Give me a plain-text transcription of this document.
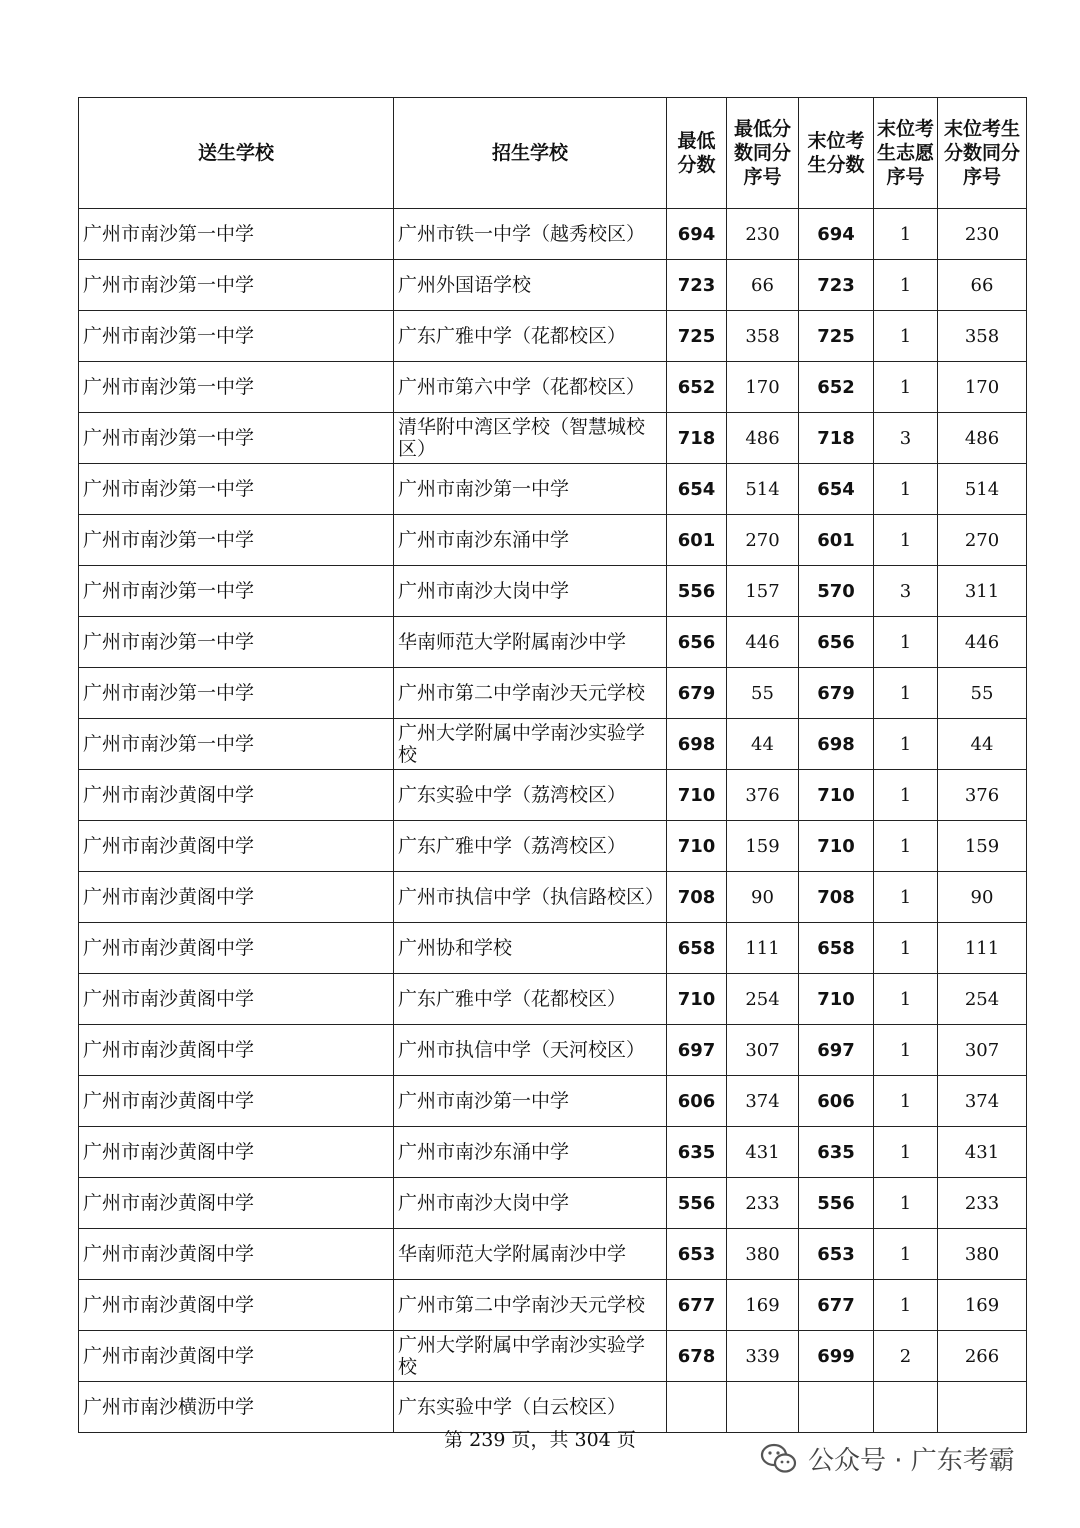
送生学校	招生学校	最低分数	最低分数同分序号	末位考生分数	末位考生志愿序号	末位考生分数同分序号
广州市南沙第一中学	广州市铁一中学（越秀校区）	694	230	694	1	230
广州市南沙第一中学	广州外国语学校	723	66	723	1	66
广州市南沙第一中学	广东广雅中学（花都校区）	725	358	725	1	358
广州市南沙第一中学	广州市第六中学（花都校区）	652	170	652	1	170
广州市南沙第一中学	清华附中湾区学校（智慧城校区）	718	486	718	3	486
广州市南沙第一中学	广州市南沙第一中学	654	514	654	1	514
广州市南沙第一中学	广州市南沙东涌中学	601	270	601	1	270
广州市南沙第一中学	广州市南沙大岗中学	556	157	570	3	311
广州市南沙第一中学	华南师范大学附属南沙中学	656	446	656	1	446
广州市南沙第一中学	广州市第二中学南沙天元学校	679	55	679	1	55
广州市南沙第一中学	广州大学附属中学南沙实验学校	698	44	698	1	44
广州市南沙黄阁中学	广东实验中学（荔湾校区）	710	376	710	1	376
广州市南沙黄阁中学	广东广雅中学（荔湾校区）	710	159	710	1	159
广州市南沙黄阁中学	广州市执信中学（执信路校区）	708	90	708	1	90
广州市南沙黄阁中学	广州协和学校	658	111	658	1	111
广州市南沙黄阁中学	广东广雅中学（花都校区）	710	254	710	1	254
广州市南沙黄阁中学	广州市执信中学（天河校区）	697	307	697	1	307
广州市南沙黄阁中学	广州市南沙第一中学	606	374	606	1	374
广州市南沙黄阁中学	广州市南沙东涌中学	635	431	635	1	431
广州市南沙黄阁中学	广州市南沙大岗中学	556	233	556	1	233
广州市南沙黄阁中学	华南师范大学附属南沙中学	653	380	653	1	380
广州市南沙黄阁中学	广州市第二中学南沙天元学校	677	169	677	1	169
广州市南沙黄阁中学	广州大学附属中学南沙实验学校	678	339	699	2	266
广州市南沙横沥中学	广东实验中学（白云校区）					
第 239 页，共 304 页
公众号 · 广东考霸
